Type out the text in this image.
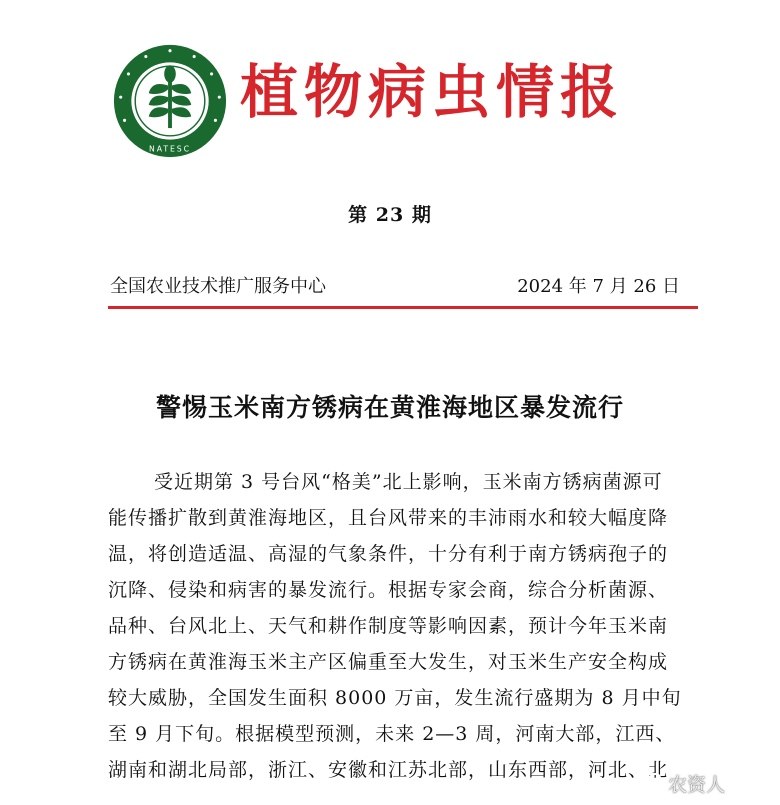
NATESC
植物病虫情报
第 23 期
全国农业技术推广服务中心	2024 年 7 月 26 日
警惕玉米南方锈病在黄淮海地区暴发流行
受近期第 3 号台风“格美”北上影响，玉米南方锈病菌源可
能传播扩散到黄淮海地区，且台风带来的丰沛雨水和较大幅度降
温，将创造适温、高湿的气象条件，十分有利于南方锈病孢子的
沉降、侵染和病害的暴发流行。根据专家会商，综合分析菌源、
品种、台风北上、天气和耕作制度等影响因素，预计今年玉米南
方锈病在黄淮海玉米主产区偏重至大发生，对玉米生产安全构成
较大威胁，全国发生面积 8000 万亩，发生流行盛期为 8 月中旬
至 9 月下旬。根据模型预测，未来 2—3 周，河南大部，江西、
湖南和湖北局部，浙江、安徽和江苏北部，山东西部，河北、北
农资人
